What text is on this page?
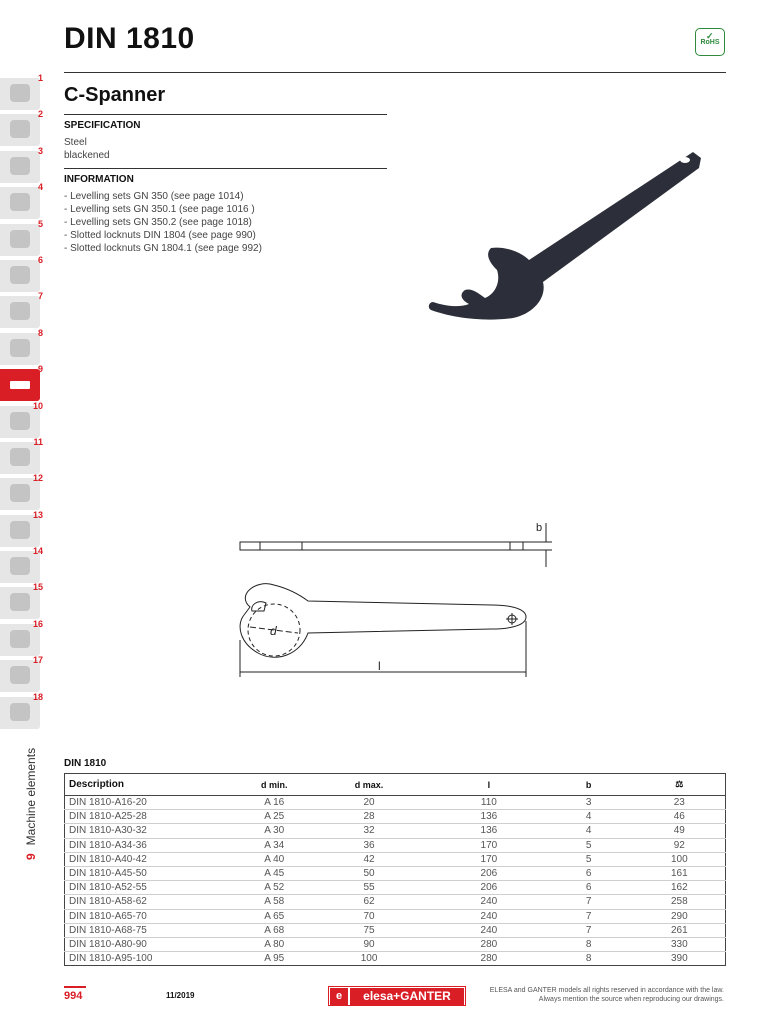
DIN 1810	✓
RoHS
1
2
3
4
5
6
7
8
9
10
11
12
13
14
15
16
17
18
9Machine elements
C-Spanner
SPECIFICATION
Steel
blackened
INFORMATION
- Levelling sets GN 350 (see page 1014)
- Levelling sets GN 350.1 (see page 1016 )
- Levelling sets GN 350.2 (see page 1018)
- Slotted locknuts DIN 1804 (see page 990)
- Slotted locknuts GN 1804.1 (see page 992)
b
d
l
DIN 1810
Description	d min.	d max.	l	b	⚖
DIN 1810-A16-20	A 16	20	110	3	23
DIN 1810-A25-28	A 25	28	136	4	46
DIN 1810-A30-32	A 30	32	136	4	49
DIN 1810-A34-36	A 34	36	170	5	92
DIN 1810-A40-42	A 40	42	170	5	100
DIN 1810-A45-50	A 45	50	206	6	161
DIN 1810-A52-55	A 52	55	206	6	162
DIN 1810-A58-62	A 58	62	240	7	258
DIN 1810-A65-70	A 65	70	240	7	290
DIN 1810-A68-75	A 68	75	240	7	261
DIN 1810-A80-90	A 80	90	280	8	330
DIN 1810-A95-100	A 95	100	280	8	390
994	11/2019	e	elesa+GANTER	ELESA and GANTER models all rights reserved in accordance with the law.
Always mention the source when reproducing our drawings.
